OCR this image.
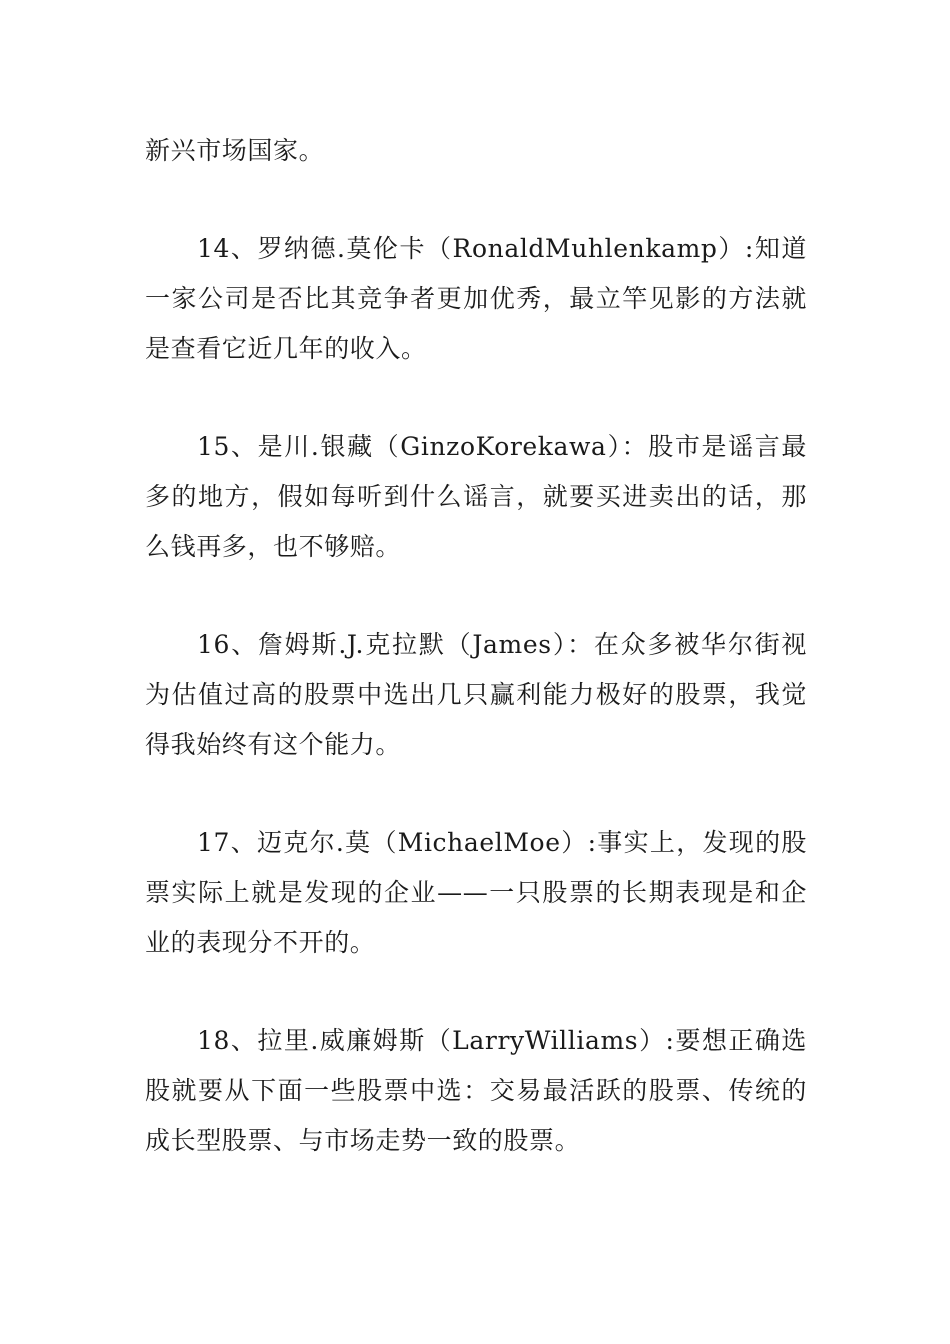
新兴市场国家。

14、罗纳德.莫伦卡（RonaldMuhlenkamp）:知道一家公司是否比其竞争者更加优秀，最立竿见影的方法就是查看它近几年的收入。

15、是川.银藏（GinzoKorekawa）：股市是谣言最多的地方，假如每听到什么谣言，就要买进卖出的话，那么钱再多，也不够赔。

16、詹姆斯.J.克拉默（James）：在众多被华尔街视为估值过高的股票中选出几只赢利能力极好的股票，我觉得我始终有这个能力。

17、迈克尔.莫（MichaelMoe）:事实上，发现的股票实际上就是发现的企业——一只股票的长期表现是和企业的表现分不开的。

18、拉里.威廉姆斯（LarryWilliams）:要想正确选股就要从下面一些股票中选：交易最活跃的股票、传统的成长型股票、与市场走势一致的股票。
